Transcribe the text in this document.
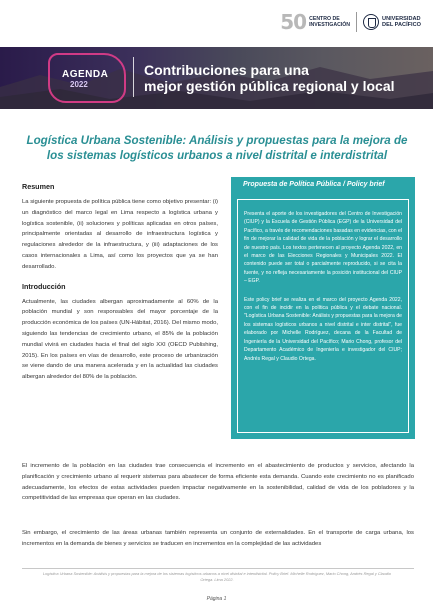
50 CENTRO DE
INVESTIGACIÓN
UNIVERSIDAD
DEL PACÍFICO
AGENDA
2022
Contribuciones para una
mejor gestión pública regional y local
Logística Urbana Sostenible: Análisis y propuestas para la mejora de los sistemas logísticos urbanos a nivel distrital e interdistrital
Resumen

La siguiente propuesta de política pública tiene como objetivo presentar: (i) un diagnóstico del marco legal en Lima respecto a logística urbana y logística sostenible, (ii) soluciones y políticas aplicadas en otros países, principalmente orientadas al desarrollo de infraestructura logística y regulaciones alrededor de la infraestructura, y (iii) adaptaciones de los casos internacionales a Lima, así como los proyectos que ya se han desarrollado.

Introducción

Actualmente, las ciudades albergan aproximadamente al 60% de la población mundial y son responsables del mayor porcentaje de la producción económica de los países (UN-Hábitat, 2016). Del mismo modo, siguiendo las tendencias de crecimiento urbano, el 85% de la población mundial vivirá en ciudades hacia el final del siglo XXI (OECD Publishing, 2015). En los países en vías de desarrollo, este proceso de urbanización se viene dando de una manera acelerada y en la actualidad las ciudades albergan alrededor del 80% de la población.

Propuesta de Política Pública / Policy brief

Presenta el aporte de los investigadores del Centro de Investigación (CIUP) y la Escuela de Gestión Pública (EGP) de la Universidad del Pacífico, a través de recomendaciones basadas en evidencias, con el fin de mejorar la calidad de vida de la población y lograr el desarrollo de nuestro país. Los textos pertenecen al proyecto Agenda 2022, en el marco de las Elecciones Regionales y Municipales 2022. El contenido puede ser total o parcialmente reproducido, si se cita la fuente, y no refleja necesariamente la posición institucional del CIUP – EGP.

Este policy brief se realiza en el marco del proyecto Agenda 2022, con el fin de incidir en la política pública y el debate nacional. "Logística Urbana Sostenible: Análisis y propuestas para la mejora de los sistemas logísticos urbanos a nivel distrital e inter distrital", fue elaborado por Michelle Rodríguez, decana de la Facultad de Ingeniería de la Universidad del Pacífico; Mario Chong, profesor del Departamento Académico de Ingeniería e investigador del CIUP; Andrés Regal y Claudio Ortega.

El incremento de la población en las ciudades trae consecuencia el incremento en el abastecimiento de productos y servicios, afectando la planificación y crecimiento urbano al requerir sistemas para abastecer de forma eficiente esta demanda. Cuando este crecimiento no es planificado adecuadamente, los efectos de estas actividades pueden impactar negativamente en la sostenibilidad, calidad de vida de los pobladores y la competitividad de las empresas que operan en las ciudades.

Sin embargo, el crecimiento de las áreas urbanas también representa un conjunto de externalidades. En el transporte de carga urbana, los incrementos en la demanda de bienes y servicios se traducen en incrementos en la complejidad de las actividades

Logística Urbana Sostenible: Análisis y propuestas para la mejora de los sistemas logísticos urbanos a nivel distrital e interdistrital. Policy Brief. Michelle Rodríguez, Mario Chong, Andrés Regal y Claudio Ortega. Lima 2022.
Página 1
